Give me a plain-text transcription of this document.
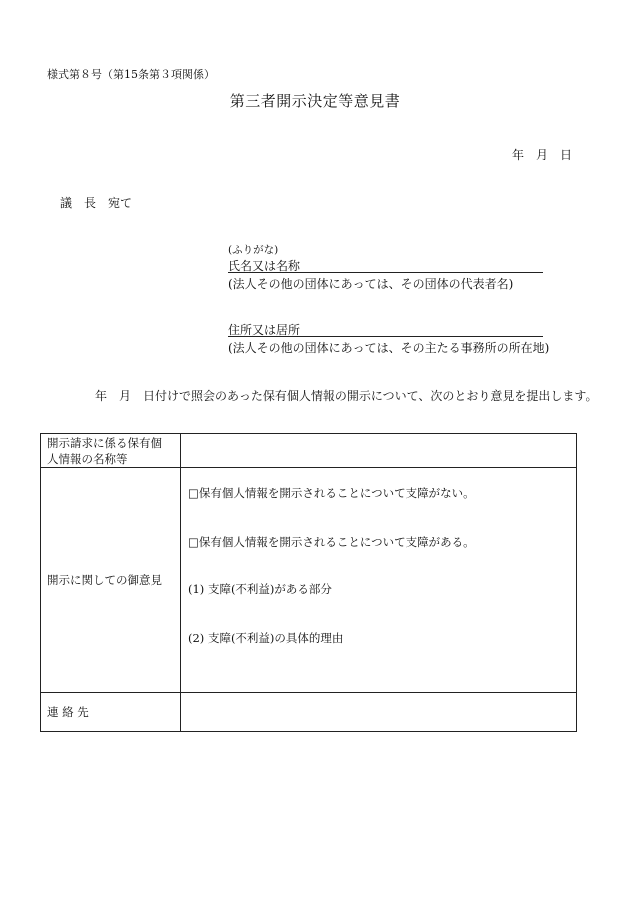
様式第８号（第15条第３項関係）
第三者開示決定等意見書
年　月　日
議　長　宛て
(ふりがな)
氏名又は名称
(法人その他の団体にあっては、その団体の代表者名)
住所又は居所
(法人その他の団体にあっては、その主たる事務所の所在地)
年　月　日付けで照会のあった保有個人情報の開示について、次のとおり意見を提出します。
開示請求に係る保有個人情報の名称等	

開示に関しての御意見	□保有個人情報を開示されることについて支障がない。
□保有個人情報を開示されることについて支障がある。
(1) 支障(不利益)がある部分
(2) 支障(不利益)の具体的理由

連 絡 先	
